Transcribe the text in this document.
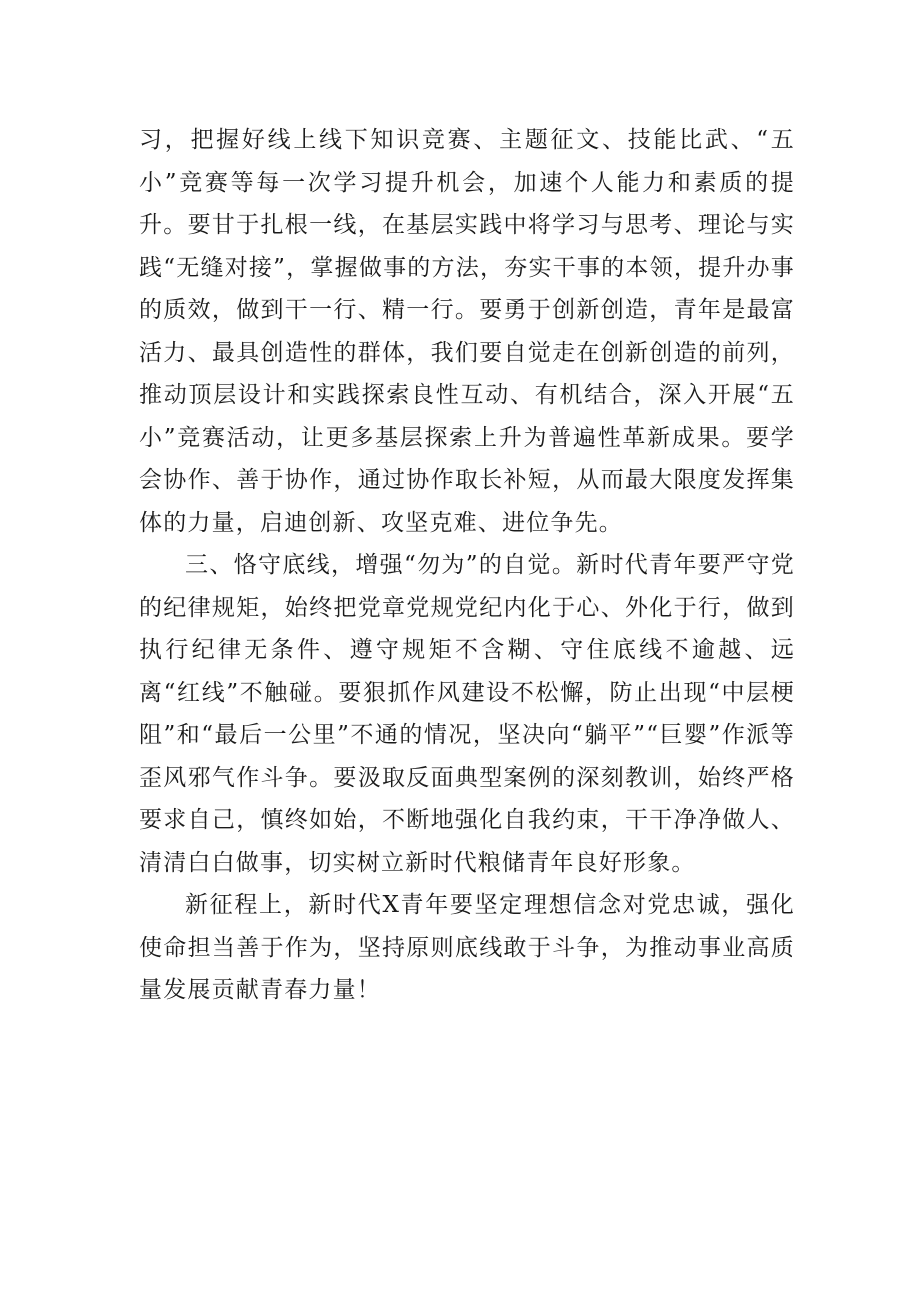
习，把握好线上线下知识竞赛、主题征文、技能比武、“五小”竞赛等每一次学习提升机会，加速个人能力和素质的提升。要甘于扎根一线，在基层实践中将学习与思考、理论与实践“无缝对接”，掌握做事的方法，夯实干事的本领，提升办事的质效，做到干一行、精一行。要勇于创新创造，青年是最富活力、最具创造性的群体，我们要自觉走在创新创造的前列，推动顶层设计和实践探索良性互动、有机结合，深入开展“五小”竞赛活动，让更多基层探索上升为普遍性革新成果。要学会协作、善于协作，通过协作取长补短，从而最大限度发挥集体的力量，启迪创新、攻坚克难、进位争先。

三、恪守底线，增强“勿为”的自觉。新时代青年要严守党的纪律规矩，始终把党章党规党纪内化于心、外化于行，做到执行纪律无条件、遵守规矩不含糊、守住底线不逾越、远离“红线”不触碰。要狠抓作风建设不松懈，防止出现“中层梗阻”和“最后一公里”不通的情况，坚决向“躺平”“巨婴”作派等歪风邪气作斗争。要汲取反面典型案例的深刻教训，始终严格要求自己，慎终如始，不断地强化自我约束，干干净净做人、清清白白做事，切实树立新时代粮储青年良好形象。

新征程上，新时代X青年要坚定理想信念对党忠诚，强化使命担当善于作为，坚持原则底线敢于斗争，为推动事业高质量发展贡献青春力量！
